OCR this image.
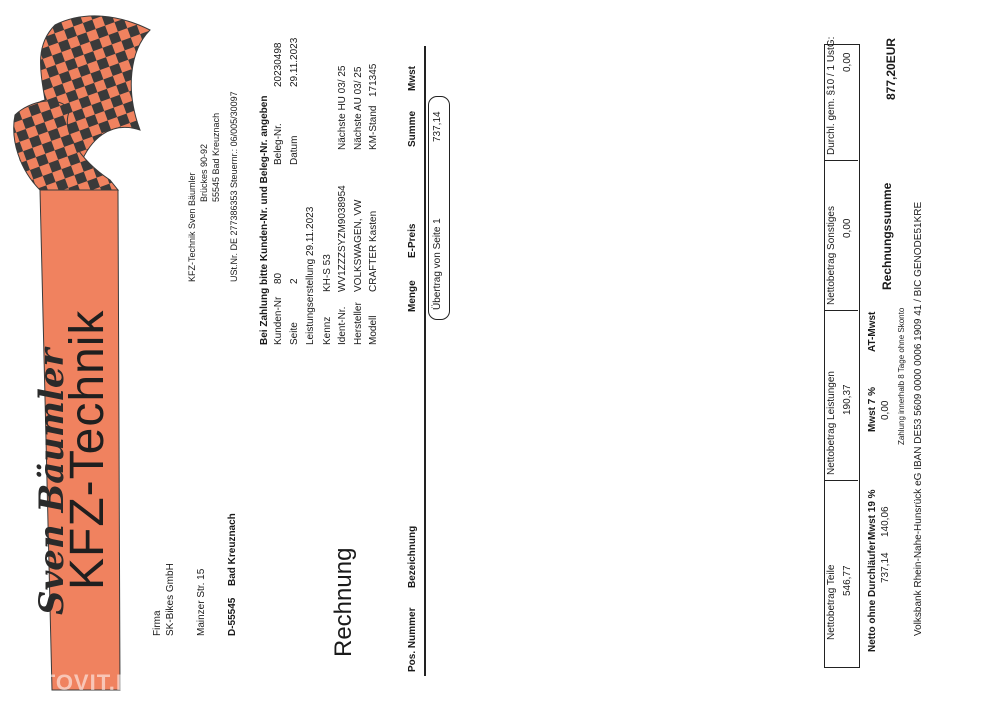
Sven Bäumler
KFZ-Technik
Firma SK-Bikes GmbH Mainzer Str. 15 D-55545
Bad Kreuznach
KFZ-Technik Sven Bäumler Brückes 90-92 55545 Bad Kreuznach USt.Nr. DE 277386353 Steuernr.: 06/005/30097
Rechnung
Bei Zahlung bitte Kunden-Nr. und Beleg-Nr. angeben Kunden-Nr
80
Beleg-Nr.
20230498
Seite
2
Datum
29.11.2023
Leistungserstellung 29.11.2023 Kennz
KH-S 53
Ident-Nr.
WV1ZZZSYZM9038954
Hersteller
VOLKSWAGEN, VW
Modell
CRAFTER Kasten
Nächste HU 03/ 25 Nächste AU 03/ 25 KM-Stand
171345
Pos. Nummer
Bezeichnung
Menge
E-Preis
Summe
Mwst
Übertrag von Seite 1
737,14
Nettobetrag Teile 546,77
Nettobetrag Leistungen 190,37
Nettobetrag Sonstiges 0,00
Durchl. gem. §10 / 1 UstG: 0,00
Netto ohne Durchläufer 737,14
Mwst 19 % 140,06
Mwst 7 % 0,00
AT-Mwst Zahlung innerhalb 8 Tage ohne Skonto
Rechnungssumme
877,20EUR
Volksbank Rhein-Nahe-Hunsrück eG IBAN DE53 5609 0000 0006 1909 41 / BIC GENODE51KRE
AUTOVIT.RO
